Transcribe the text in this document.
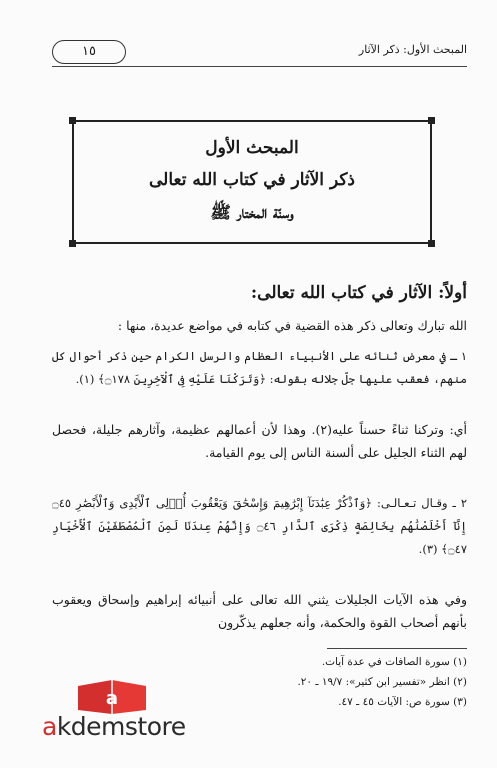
١٥	المبحث الأول: ذكر الآثار
المبحث الأول
ذكر الآثار في كتاب الله تعالى
وسنّة المختار ﷺ
أولاً: الآثار في كتاب الله تعالى:
الله تبارك وتعالى ذكر هذه القضية في كتابه في مواضع عديدة، منها :
١ ـ في معرض ثنائه على الأنبياء العظام والرسل الكرام حين ذكر أحوال كل منهم، فعقب عليها جلّ جلاله بقوله: ﴿وَتَرَكْنَا عَلَيْهِ فِى ٱلْآخِرِينَ ۝١٧٨﴾ (١).
أي: وتركنا ثناءً حسناً عليه(٢). وهذا لأن أعمالهم عظيمة، وآثارهم جليلة، فحصل لهم الثناء الجليل على ألسنة الناس إلى يوم القيامة.
٢ ـ وقـال تـعـالـى: ﴿وَٱذْكُرْ عِبَٰدَنَآ إِبْرَٰهِيمَ وَإِسْحَٰقَ وَيَعْقُوبَ أُو۟لِى ٱلْأَيْدِى وَٱلْأَبْصَٰرِ ۝٤٥ إِنَّآ أَخْلَصْنَٰهُم بِخَالِصَةٍ ذِكْرَى ٱلدَّارِ ۝٤٦ وَإِنَّهُمْ عِندَنَا لَمِنَ ٱلْمُصْطَفَيْنَ ٱلْأَخْيَارِ ۝٤٧﴾ (٣).
وفي هذه الآيات الجليلات يثني الله تعالى على أنبيائه إبراهيم وإسحاق ويعقوب بأنهم أصحاب القوة والحكمة، وأنه جعلهم يذكّرون
(١) سورة الصافات في عدة آيات.
(٢) انظر «تفسير ابن كثير»: ١٩/٧ ـ ٢٠.
(٣) سورة ص: الآيات ٤٥ ـ ٤٧.
a
akdemstore
